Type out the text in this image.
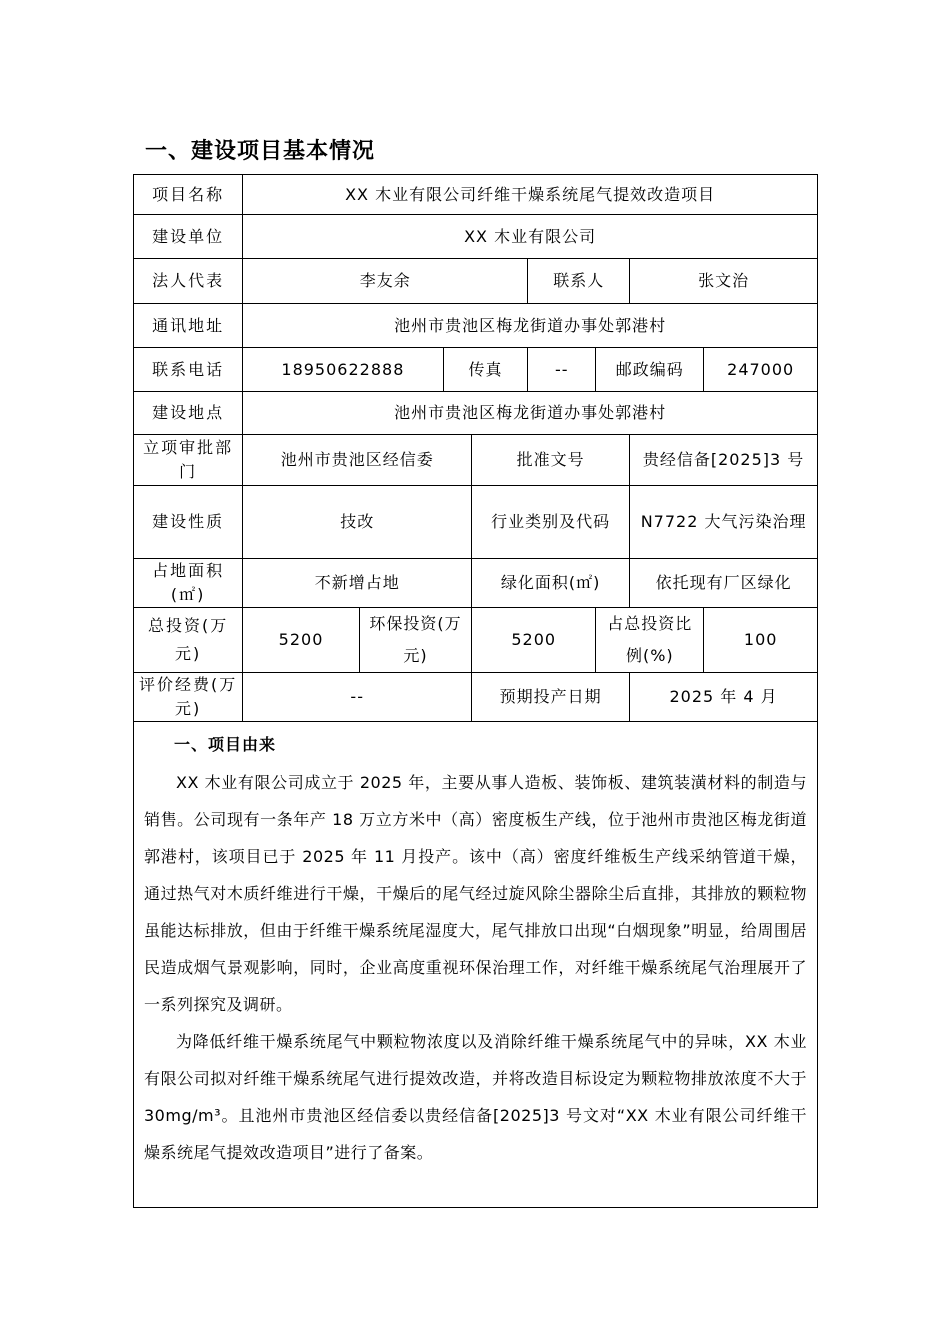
一、建设项目基本情况
项目名称	XX 木业有限公司纤维干燥系统尾气提效改造项目							
建设单位	XX 木业有限公司							
法人代表	李友余				联系人		张文治	
通讯地址	池州市贵池区梅龙街道办事处郭港村							
联系电话	18950622888		传真		--	邮政编码		247000
建设地点	池州市贵池区梅龙街道办事处郭港村							
立项审批部门	池州市贵池区经信委			批准文号			贵经信备[2025]3 号	
建设性质	技改			行业类别及代码			N7722 大气污染治理	
占地面积(㎡)	不新增占地			绿化面积(㎡)			依托现有厂区绿化	
总投资(万元)	5200	环保投资(万元)		5200		占总投资比例(%)		100
评价经费(万元)	--			预期投产日期			2025 年 4 月	

一、项目由来

XX 木业有限公司成立于 2025 年，主要从事人造板、装饰板、建筑装潢材料的制造与销售。公司现有一条年产 18 万立方米中（高）密度板生产线，位于池州市贵池区梅龙街道郭港村，该项目已于 2025 年 11 月投产。该中（高）密度纤维板生产线采纳管道干燥，通过热气对木质纤维进行干燥，干燥后的尾气经过旋风除尘器除尘后直排，其排放的颗粒物虽能达标排放，但由于纤维干燥系统尾湿度大，尾气排放口出现“白烟现象”明显，给周围居民造成烟气景观影响，同时，企业高度重视环保治理工作，对纤维干燥系统尾气治理展开了一系列探究及调研。

为降低纤维干燥系统尾气中颗粒物浓度以及消除纤维干燥系统尾气中的异味，XX 木业有限公司拟对纤维干燥系统尾气进行提效改造，并将改造目标设定为颗粒物排放浓度不大于 30mg/m³。且池州市贵池区经信委以贵经信备[2025]3 号文对“XX 木业有限公司纤维干燥系统尾气提效改造项目”进行了备案。								
